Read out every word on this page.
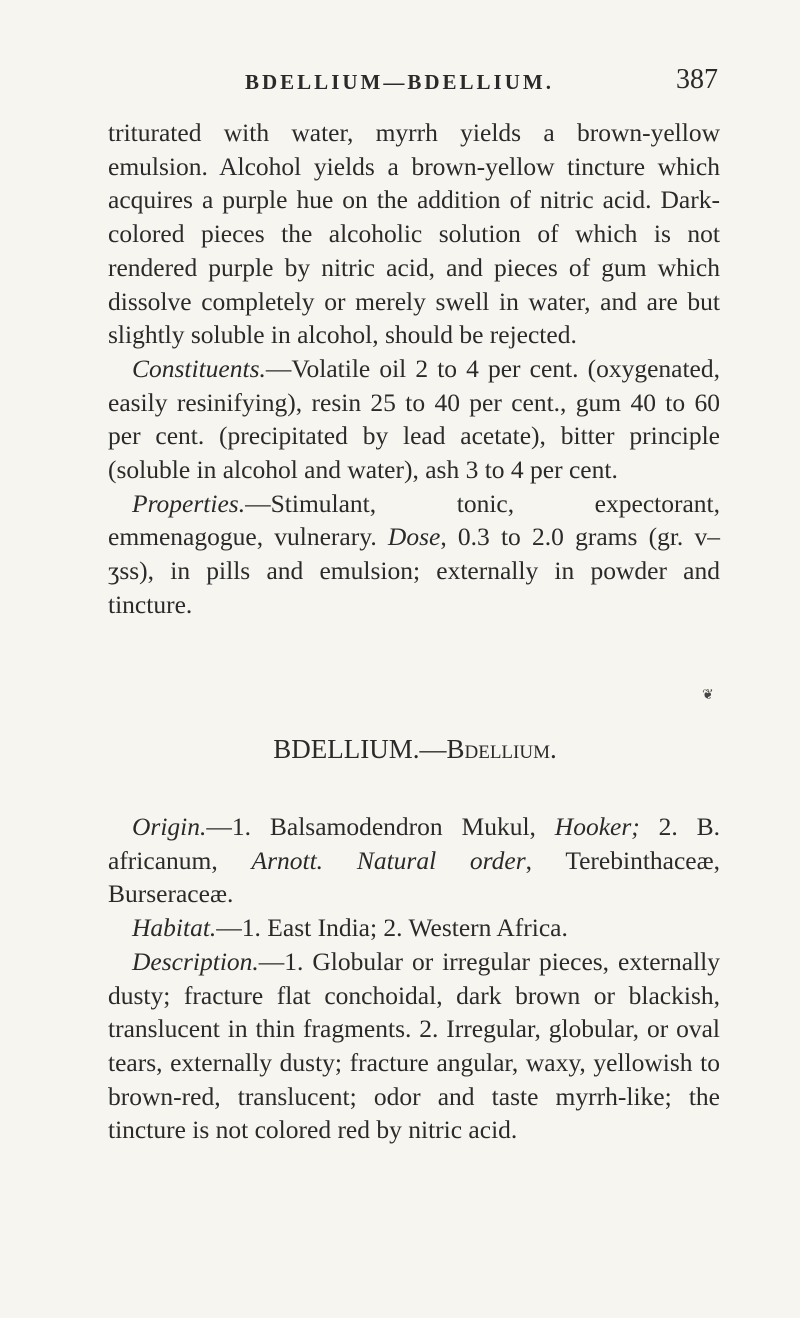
BDELLIUM—BDELLIUM.	387

triturated with water, myrrh yields a brown-yellow emulsion. Alcohol yields a brown-yellow tincture which acquires a purple hue on the addition of nitric acid. Dark-colored pieces the alcoholic solution of which is not rendered purple by nitric acid, and pieces of gum which dissolve completely or merely swell in water, and are but slightly soluble in alcohol, should be rejected.

Constituents.—Volatile oil 2 to 4 per cent. (oxygenated, easily resinifying), resin 25 to 40 per cent., gum 40 to 60 per cent. (precipitated by lead acetate), bitter principle (soluble in alcohol and water), ash 3 to 4 per cent.

Properties.—Stimulant, tonic, expectorant, emmenagogue, vulnerary. Dose, 0.3 to 2.0 grams (gr. v–ʒss), in pills and emulsion; externally in powder and tincture.

❦
BDELLIUM.—Bdellium.

Origin.—1. Balsamodendron Mukul, Hooker; 2. B. africanum, Arnott. Natural order, Terebinthaceæ, Burseraceæ.

Habitat.—1. East India; 2. Western Africa.

Description.—1. Globular or irregular pieces, externally dusty; fracture flat conchoidal, dark brown or blackish, translucent in thin fragments. 2. Irregular, globular, or oval tears, externally dusty; fracture angular, waxy, yellowish to brown-red, translucent; odor and taste myrrh-like; the tincture is not colored red by nitric acid.
